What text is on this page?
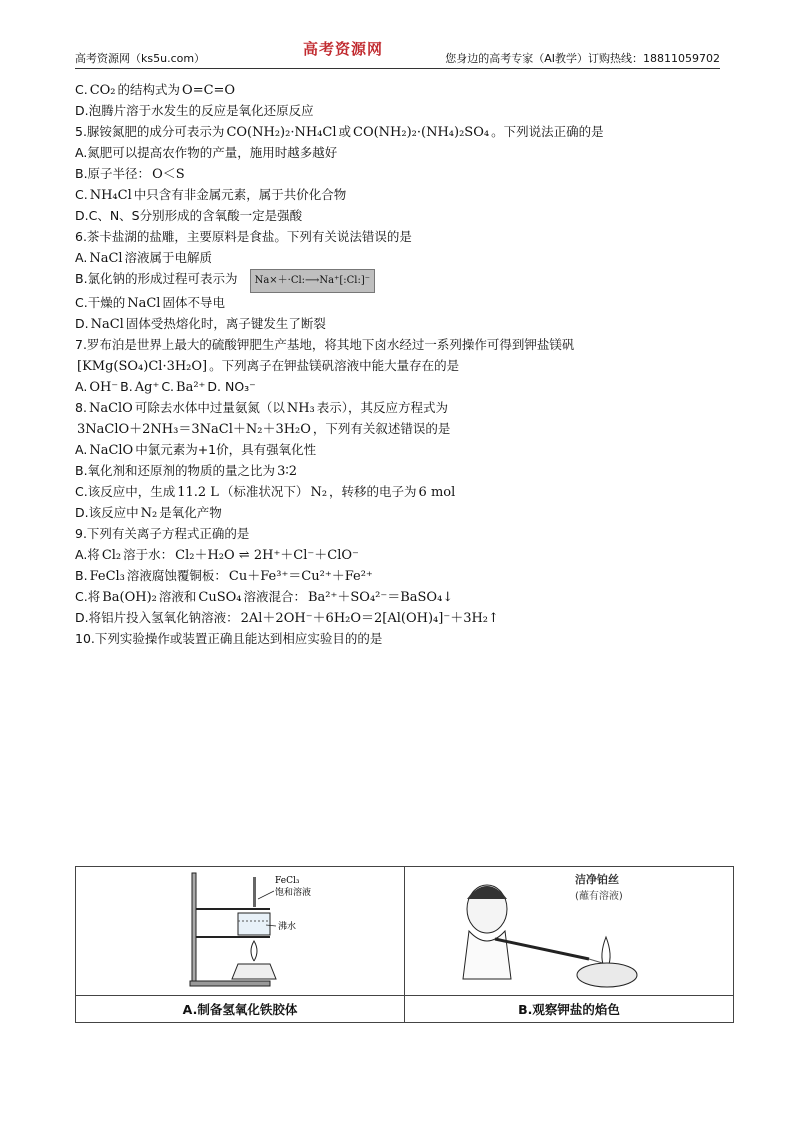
高考资源网（ks5u.com）
高考资源网
您身边的高考专家（AI教学）订购热线：18811059702
C. CO₂ 的结构式为 O=C=O
D.泡腾片溶于水发生的反应是氧化还原反应
5.脲铵氮肥的成分可表示为 CO(NH₂)₂·NH₄Cl 或 CO(NH₂)₂·(NH₄)₂SO₄ 。下列说法正确的是
A.氮肥可以提高农作物的产量，施用时越多越好
B.原子半径： O＜S
C. NH₄Cl 中只含有非金属元素，属于共价化合物
D.C、N、S分别形成的含氧酸一定是强酸
6.茶卡盐湖的盐雕，主要原料是食盐。下列有关说法错误的是
A. NaCl 溶液属于电解质
B.氯化钠的形成过程可表示为 Na×＋·Cl:⟶Na⁺[:Cl:]⁻
C.干燥的 NaCl 固体不导电
D. NaCl 固体受热熔化时，离子键发生了断裂
7.罗布泊是世界上最大的硫酸钾肥生产基地，将其地下卤水经过一系列操作可得到钾盐镁矾
[KMg(SO₄)Cl·3H₂O] 。下列离子在钾盐镁矾溶液中能大量存在的是
A. OH⁻ B. Ag⁺ C. Ba²⁺ D. NO₃⁻
8. NaClO 可除去水体中过量氨氮（以 NH₃ 表示），其反应方程式为
3NaClO＋2NH₃＝3NaCl＋N₂＋3H₂O ，下列有关叙述错误的是
A. NaClO 中氯元素为+1价，具有强氧化性
B.氧化剂和还原剂的物质的量之比为 3∶2
C.该反应中，生成 11.2 L （标准状况下） N₂ ，转移的电子为 6 mol
D.该反应中 N₂ 是氧化产物
9.下列有关离子方程式正确的是
A.将 Cl₂ 溶于水： Cl₂＋H₂O ⇌ 2H⁺＋Cl⁻＋ClO⁻
B. FeCl₃ 溶液腐蚀覆铜板： Cu＋Fe³⁺＝Cu²⁺＋Fe²⁺
C.将 Ba(OH)₂ 溶液和 CuSO₄ 溶液混合： Ba²⁺＋SO₄²⁻＝BaSO₄↓
D.将铝片投入氢氧化钠溶液： 2Al＋2OH⁻＋6H₂O＝2[Al(OH)₄]⁻＋3H₂↑
10.下列实验操作或装置正确且能达到相应实验目的的是
FeCl₃
饱和溶液
沸水	洁净铂丝
(蘸有溶液)

A.制备氢氧化铁胶体	B.观察钾盐的焰色
